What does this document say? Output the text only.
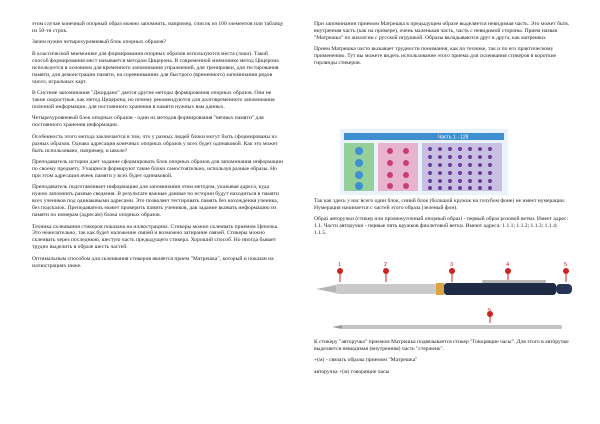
этом случае конечный опорный образ можно запомнить, например, список из 100 элементов или таблицу из 50-ти строк.

Зачем нужен четырехуровневый блок опорных образов?

В классической мнемонике для формирования опорных образов используются места (локи). Такой способ формирования мест называется методом Цицерона. В современной мнемонике метод Цицерона используется в основном для временного запоминания упражнений, для тренировки, для тестирования памяти, для демонстрации памяти, на соревнованиях для быстрого (временного) запоминания рядов чисел, игральных карт.

В Системе запоминания "Джордано" дается другие методы формирования опорных образов. Они не такие скоростные, как метод Цицерона, но почему рекомендуются для долговременного запоминания полезной информации, для постоянного хранения в памяти нужных вам данных.

Четырехуровневый блок опорных образов - один из методов формирования "вечных памяти" для постоянного хранения информации.

Особенность этого метода заключается в том, что у разных людей блоки могут быть сформированы из разных образов. Однако адресация конечных опорных образов у всех будет одинаковой. Как это может быть использовано, например, в школе?

Преподаватель истории дает задание сформировать блок опорных образов для запоминания информации по своему предмету. Учащиеся формируют такие блоки самостоятельно, используя разные образы. Но при этом адресация ячеек памяти у всех будет одинаковой.

Преподаватель подготавливает информацию для запоминания этим методом, указывая адреса, куда нужно запомнить разные сведения. В результате важные данные по истории будут находиться в памяти всех учеников под одинаковыми адресами. Это позволяет тестировать память без нахождения ученика, без подсказок. Преподаватель может проверить память учеников, дав задание вызвать информацию из памяти по номерам (адресам) блока опорных образов.

Техника склеивания стикеров показана на иллюстрациях. Стикеры можно склеивать приемом Цепочка. Это нежелательно, так как будет наложение связей и возможно затирание связей. Стикеры можно склеивать через последнюю, шестую часть предыдущего стикера. Хороший способ. Но иногда бывает трудно выделить в образе шесть частей.

Оптимальным способом для склеивания стикеров является прием "Матрешка", который и показан на иллюстрациях ниже.

При запоминании приемом Матрешка в предыдущем образе выделяется невидимая часть. Это может быть внутренняя часть (как на примере), очень маленькая часть, часть с невидимой стороны. Прием назван "Матрешка" по аналогии с русской игрушкой. Образы вкладываются друг в друга, как матрешки.

Прием Матрешка часто вызывает трудности понимания, как по технике, так и по его практическому применению. Тут вы можете видеть использование этого приема для склеивания стикеров в короткие гирлянды стикеров.

Часть 1 - 128

Так как здесь у нас всего один блок, синий блок (большой кружок на голубом фоне) не имеет нумерации. Нумерация начинается с частей этого образа (зеленый фон).

Образ авторучки (стикер или промежуточный опорный образ) - первый образ розовой ветки. Имеет адрес: 1.1. Части авторучки - первые пять кружков фиолетовой ветки. Имеют адреса: 1.1.1; 1.1.2; 1.1.3; 1.1.4; 1.1.5.

1	2	3	4	5
6

К стикеру "авторучка" приемом Матрешка подвязывается стикер "Говорящие часы". Для этого в авторучке выделяется невидимая (внутренняя) часть "стержень".

+(м) - связать образы приемом "Матрешка"

авторучка +(м) говорящие часы
